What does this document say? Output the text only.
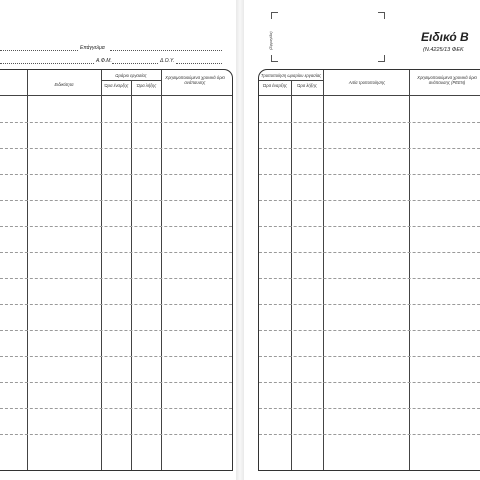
Επάγγελμα
Α.Φ.Μ.	Δ.Ο.Υ.
Ειδικότητα
Ωράριο εργασίας
Ώρα έναρξης	Ώρα λήξης
Χρησιμοποιούμενα χρονικά όρια ανάπαυσης
(Σφραγίδα)	Ειδικό Β
(Ν.4225/13 ΦΕΚ
Τροποποίηση ωραρίου εργασίας
Ώρα έναρξης	Ώρα λήξης
Αιτία τροποποίησης
Χρησιμοποιούμενα χρονικά όρια ανάπαυσης (ΡΕΕΝ)
